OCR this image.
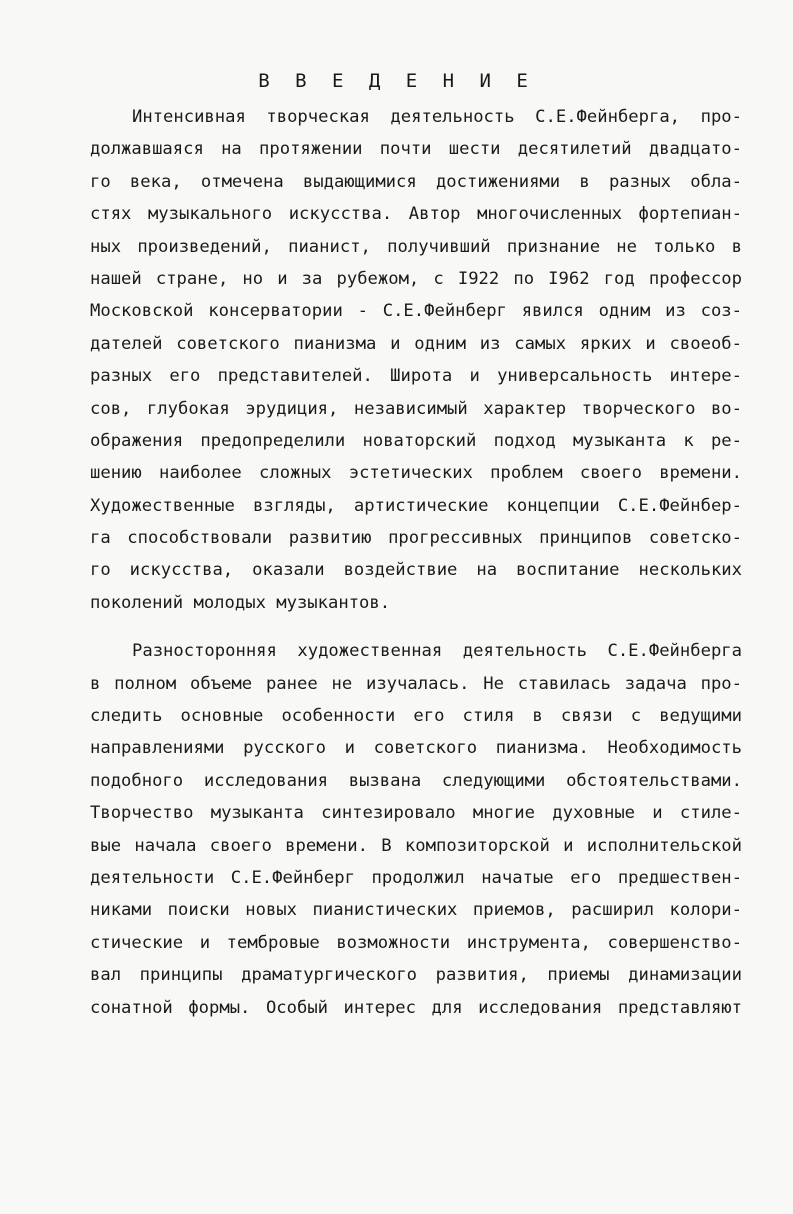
В В Е Д Е Н И Е
Интенсивная творческая деятельность С.Е.Фейнберга, про-
должавшаяся на протяжении почти шести десятилетий двадцато-
го века, отмечена выдающимися достижениями в разных обла-
стях музыкального искусства. Автор многочисленных фортепиан-
ных произведений, пианист, получивший признание не только в
нашей стране, но и за рубежом, с I922 по I962 год профессор
Московской консерватории - С.Е.Фейнберг явился одним из соз-
дателей советского пианизма и одним из самых ярких и своеоб-
разных его представителей. Широта и универсальность интере-
сов, глубокая эрудиция, независимый характер творческого во-
ображения предопределили новаторский подход музыканта к ре-
шению наиболее сложных эстетических проблем своего времени.
Художественные взгляды, артистические концепции С.Е.Фейнбер-
га способствовали развитию прогрессивных принципов советско-
го искусства, оказали воздействие на воспитание нескольких
поколений молодых музыкантов.
Разносторонняя художественная деятельность С.Е.Фейнберга
в полном объеме ранее не изучалась. Не ставилась задача про-
следить основные особенности его стиля в связи с ведущими
направлениями русского и советского пианизма. Необходимость
подобного исследования вызвана следующими обстоятельствами.
Творчество музыканта синтезировало многие духовные и стиле-
вые начала своего времени. В композиторской и исполнительской
деятельности С.Е.Фейнберг продолжил начатые его предшествен-
никами поиски новых пианистических приемов, расширил колори-
стические и тембровые возможности инструмента, совершенство-
вал принципы драматургического развития, приемы динамизации
сонатной формы. Особый интерес для исследования представляют
